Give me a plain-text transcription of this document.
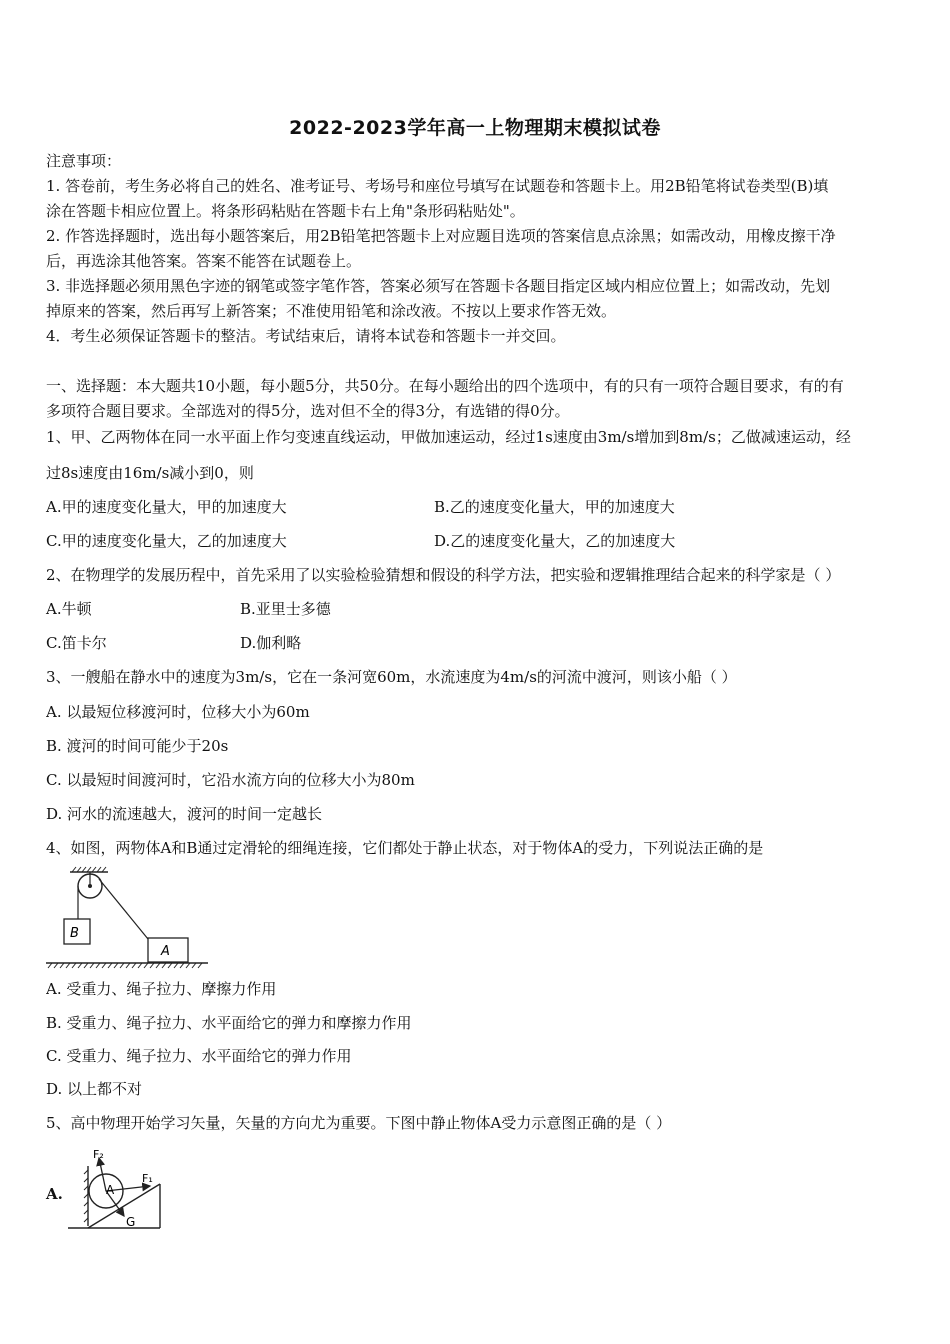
2022-2023学年高一上物理期末模拟试卷
注意事项：
1. 答卷前，考生务必将自己的姓名、准考证号、考场号和座位号填写在试题卷和答题卡上。用2B铅笔将试卷类型(B)填
涂在答题卡相应位置上。将条形码粘贴在答题卡右上角"条形码粘贴处"。
2. 作答选择题时，选出每小题答案后，用2B铅笔把答题卡上对应题目选项的答案信息点涂黑；如需改动，用橡皮擦干净
后，再选涂其他答案。答案不能答在试题卷上。
3. 非选择题必须用黑色字迹的钢笔或签字笔作答，答案必须写在答题卡各题目指定区域内相应位置上；如需改动，先划
掉原来的答案，然后再写上新答案；不准使用铅笔和涂改液。不按以上要求作答无效。
4．考生必须保证答题卡的整洁。考试结束后，请将本试卷和答题卡一并交回。
一、选择题：本大题共10小题，每小题5分，共50分。在每小题给出的四个选项中，有的只有一项符合题目要求，有的有
多项符合题目要求。全部选对的得5分，选对但不全的得3分，有选错的得0分。
1、甲、乙两物体在同一水平面上作匀变速直线运动，甲做加速运动，经过1s速度由3m/s增加到8m/s；乙做减速运动，经
过8s速度由16m/s减小到0，则
A.甲的速度变化量大，甲的加速度大	B.乙的速度变化量大，甲的加速度大
C.甲的速度变化量大，乙的加速度大	D.乙的速度变化量大，乙的加速度大
2、在物理学的发展历程中，首先采用了以实验检验猜想和假设的科学方法，把实验和逻辑推理结合起来的科学家是（ ）
A.牛顿	B.亚里士多德
C.笛卡尔	D.伽利略
3、一艘船在静水中的速度为3m/s，它在一条河宽60m，水流速度为4m/s的河流中渡河，则该小船（ ）
A. 以最短位移渡河时，位移大小为60m
B. 渡河的时间可能少于20s
C. 以最短时间渡河时，它沿水流方向的位移大小为80m
D. 河水的流速越大，渡河的时间一定越长
4、如图，两物体A和B通过定滑轮的细绳连接，它们都处于静止状态，对于物体A的受力，下列说法正确的是
B
A
A. 受重力、绳子拉力、摩擦力作用
B. 受重力、绳子拉力、水平面给它的弹力和摩擦力作用
C. 受重力、绳子拉力、水平面给它的弹力作用
D. 以上都不对
5、高中物理开始学习矢量，矢量的方向尤为重要。下图中静止物体A受力示意图正确的是（ ）
A.
F₂
F₁
A
G
